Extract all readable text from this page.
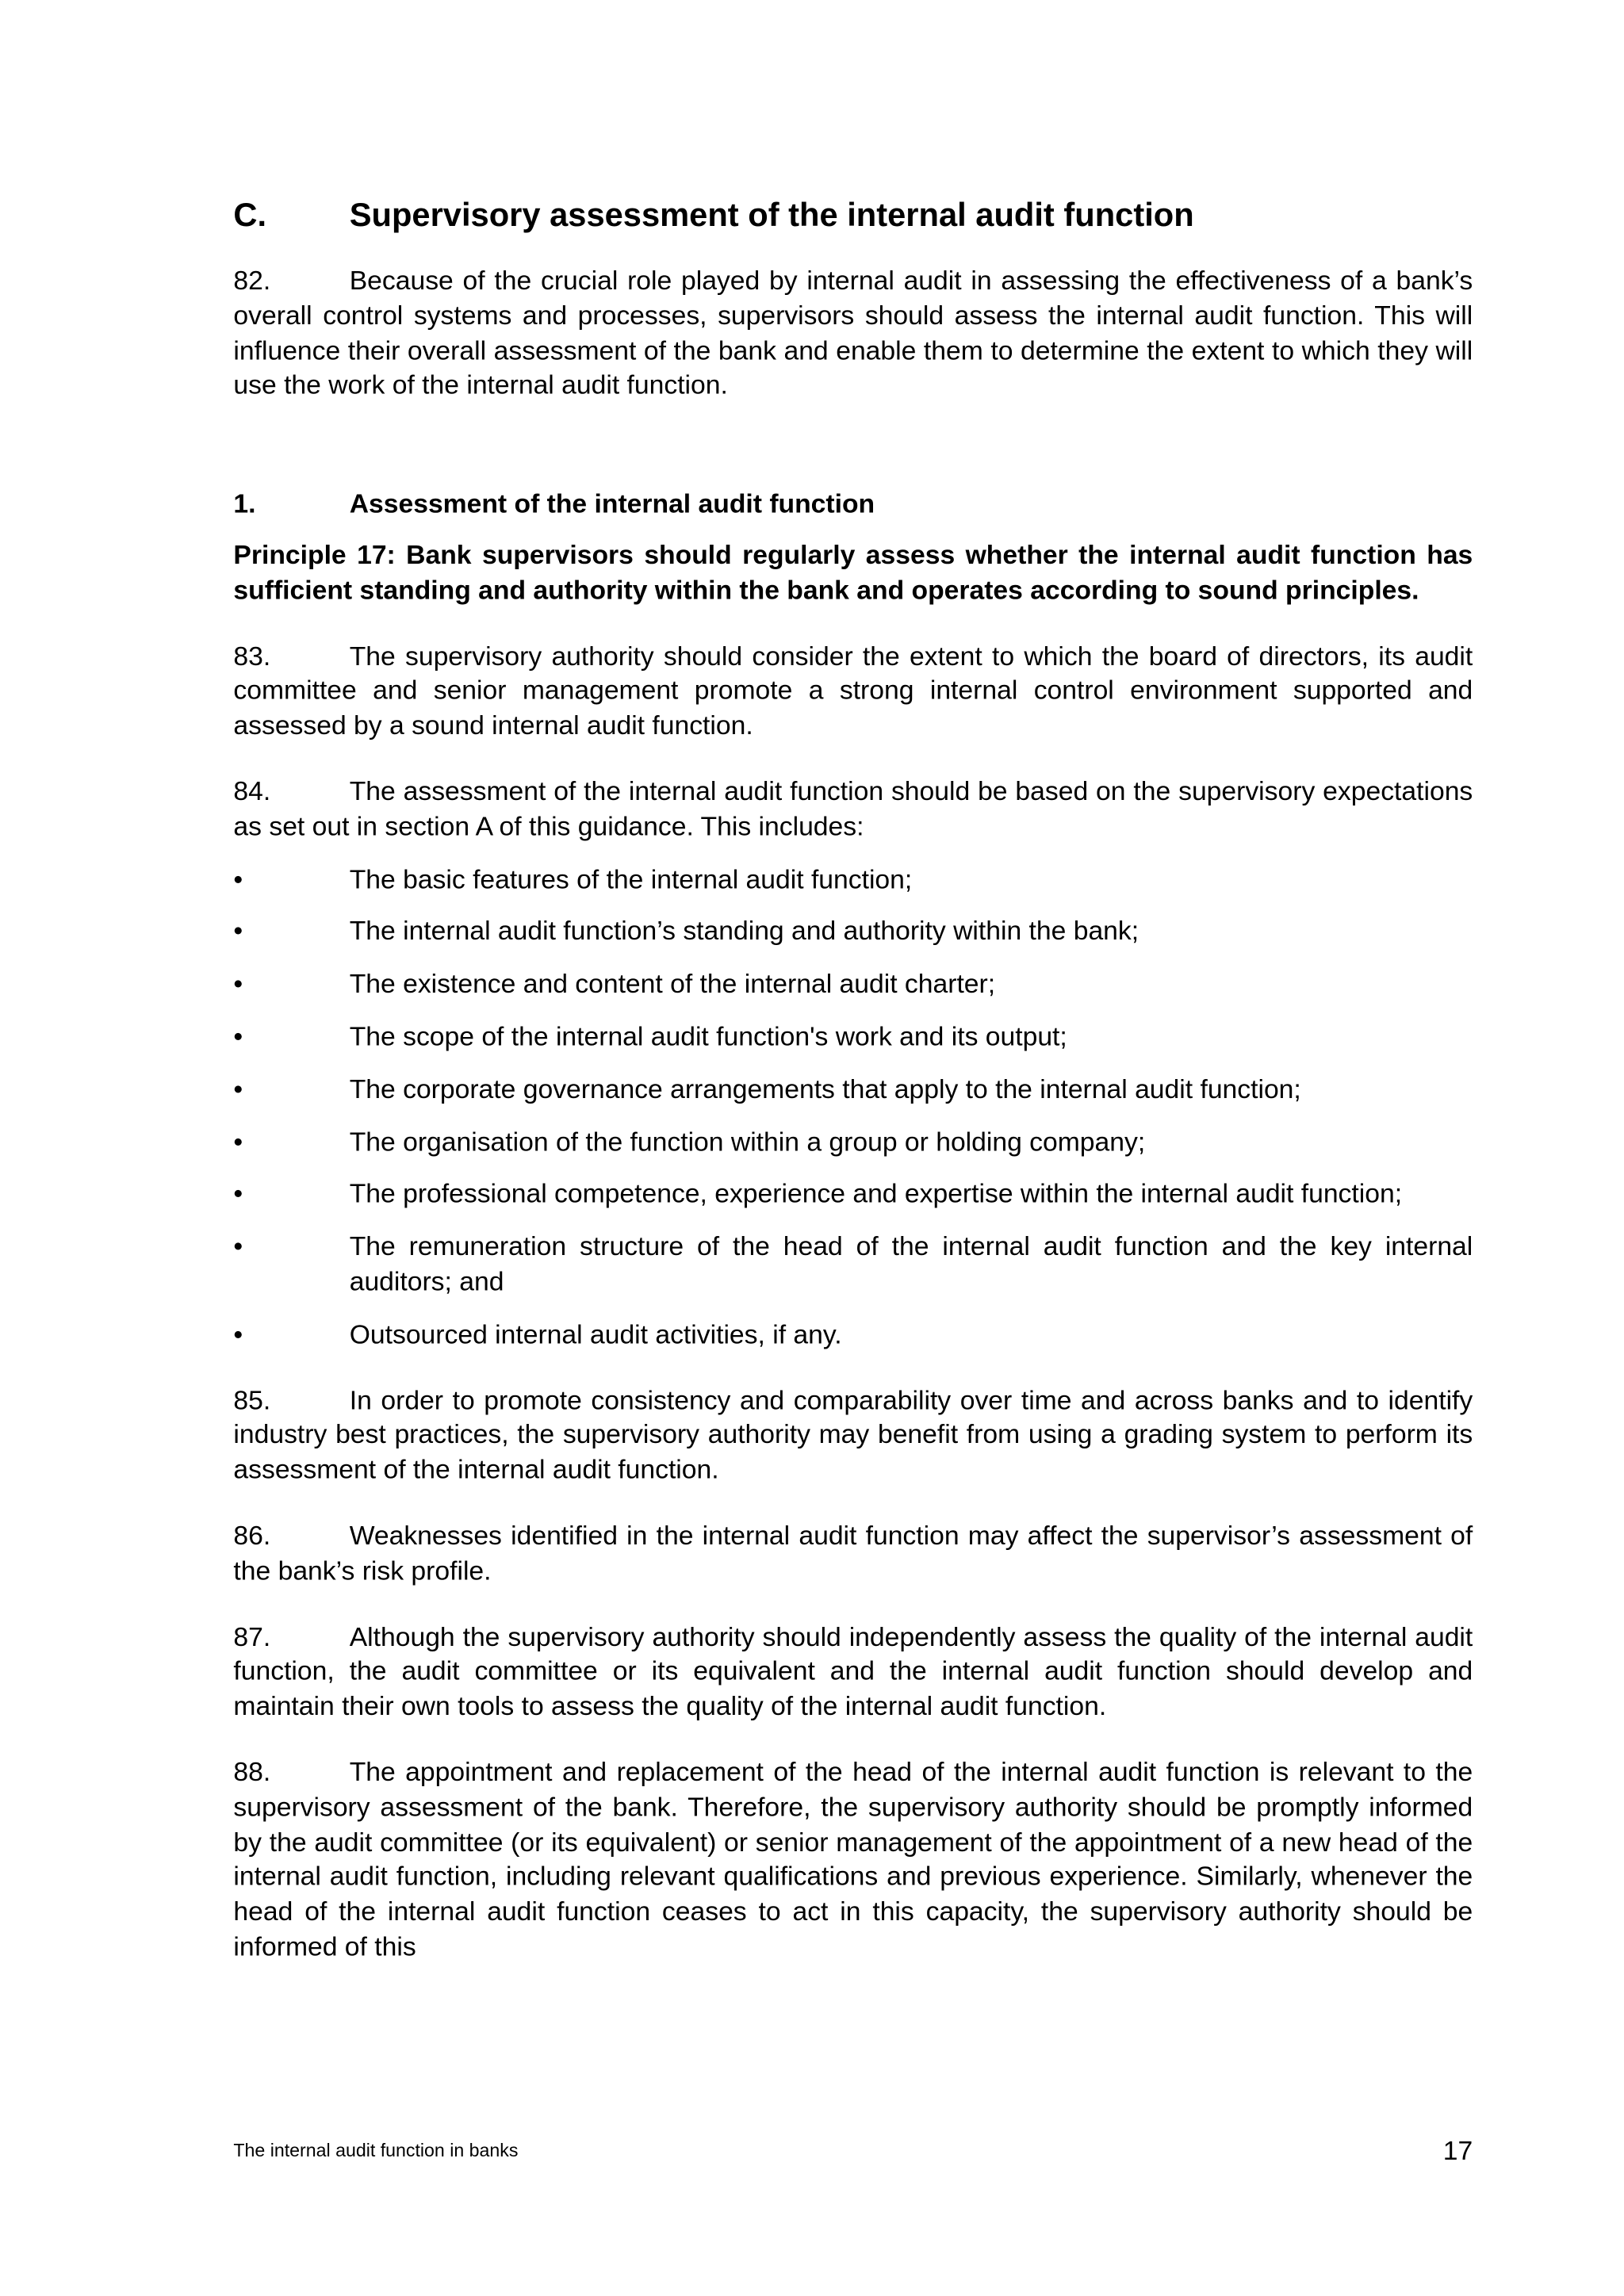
C.	Supervisory assessment of the internal audit function

82.	Because of the crucial role played by internal audit in assessing the effectiveness of a bank’s overall control systems and processes, supervisors should assess the internal audit function. This will influence their overall assessment of the bank and enable them to determine the extent to which they will use the work of the internal audit function.

1.	Assessment of the internal audit function

Principle 17: Bank supervisors should regularly assess whether the internal audit function has sufficient standing and authority within the bank and operates according to sound principles.

83.	The supervisory authority should consider the extent to which the board of directors, its audit committee and senior management promote a strong internal control environment supported and assessed by a sound internal audit function.

84.	The assessment of the internal audit function should be based on the supervisory expectations as set out in section A of this guidance. This includes:

•	The basic features of the internal audit function;
•	The internal audit function’s standing and authority within the bank;
•	The existence and content of the internal audit charter;
•	The scope of the internal audit function's work and its output;
•	The corporate governance arrangements that apply to the internal audit function;
•	The organisation of the function within a group or holding company;
•	The professional competence, experience and expertise within the internal audit function;
•	The remuneration structure of the head of the internal audit function and the key internal auditors; and
•	Outsourced internal audit activities, if any.

85.	In order to promote consistency and comparability over time and across banks and to identify industry best practices, the supervisory authority may benefit from using a grading system to perform its assessment of the internal audit function.

86.	Weaknesses identified in the internal audit function may affect the supervisor’s assessment of the bank’s risk profile.

87.	Although the supervisory authority should independently assess the quality of the internal audit function, the audit committee or its equivalent and the internal audit function should develop and maintain their own tools to assess the quality of the internal audit function.

88.	The appointment and replacement of the head of the internal audit function is relevant to the supervisory assessment of the bank. Therefore, the supervisory authority should be promptly informed by the audit committee (or its equivalent) or senior management of the appointment of a new head of the internal audit function, including relevant qualifications and previous experience. Similarly, whenever the head of the internal audit function ceases to act in this capacity, the supervisory authority should be informed of this

The internal audit function in banks	17
